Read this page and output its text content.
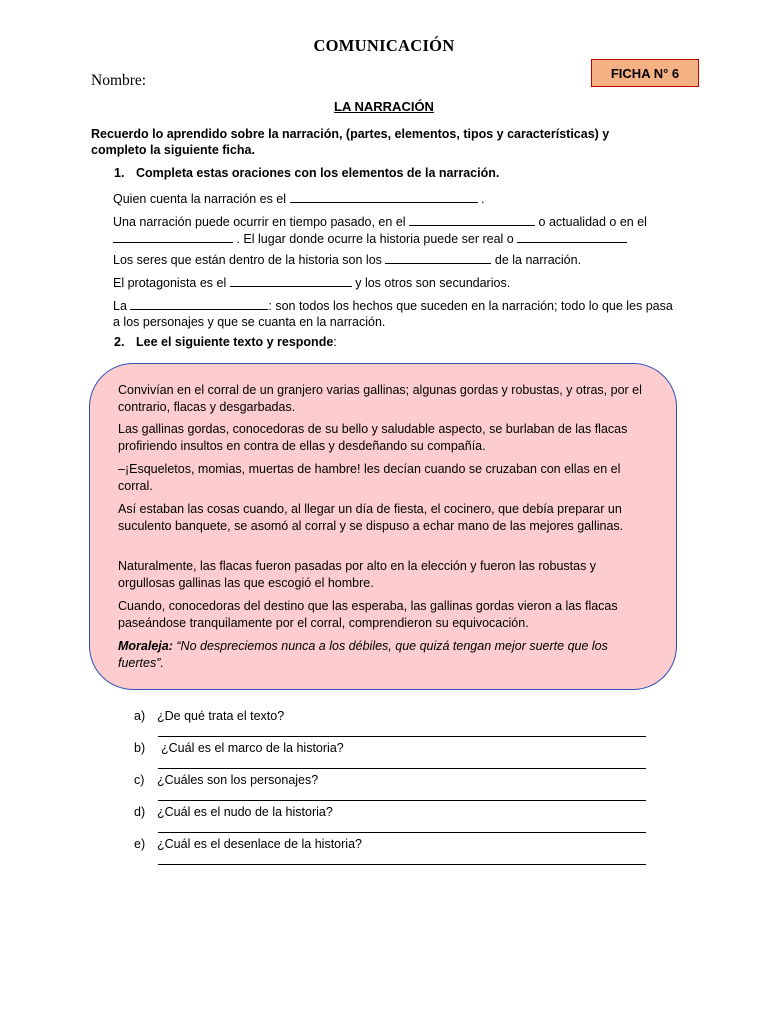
COMUNICACIÓN
Nombre:	FICHA N° 6
LA NARRACIÓN
Recuerdo lo aprendido sobre la narración, (partes, elementos, tipos y características) y completo la siguiente ficha.
1. Completa estas oraciones con los elementos de la narración.
Quien cuenta la narración es el	.
Una narración puede ocurrir en tiempo pasado, en el	o actualidad o en el  . El lugar donde ocurre la historia puede ser real o
Los seres que están dentro de la historia son los	de la narración.
El protagonista es el	y los otros son secundarios.
La	: son todos los hechos que suceden en la narración; todo lo que les pasa a los personajes y que se cuanta en la narración.
2. Lee el siguiente texto y responde:
Convivían en el corral de un granjero varias gallinas; algunas gordas y robustas, y otras, por el contrario, flacas y desgarbadas.
Las gallinas gordas, conocedoras de su bello y saludable aspecto, se burlaban de las flacas profiriendo insultos en contra de ellas y desdeñando su compañía.
–¡Esqueletos, momias, muertas de hambre! les decían cuando se cruzaban con ellas en el corral.
Así estaban las cosas cuando, al llegar un día de fiesta, el cocinero, que debía preparar un suculento banquete, se asomó al corral y se dispuso a echar mano de las mejores gallinas.
Naturalmente, las flacas fueron pasadas por alto en la elección y fueron las robustas y orgullosas gallinas las que escogió el hombre.
Cuando, conocedoras del destino que las esperaba, las gallinas gordas vieron a las flacas paseándose tranquilamente por el corral, comprendieron su equivocación.
Moraleja: “No despreciemos nunca a los débiles, que quizá tengan mejor suerte que los fuertes”.
a) ¿De qué trata el texto?
b) ¿Cuál es el marco de la historia?
c) ¿Cuáles son los personajes?
d) ¿Cuál es el nudo de la historia?
e) ¿Cuál es el desenlace de la historia?
